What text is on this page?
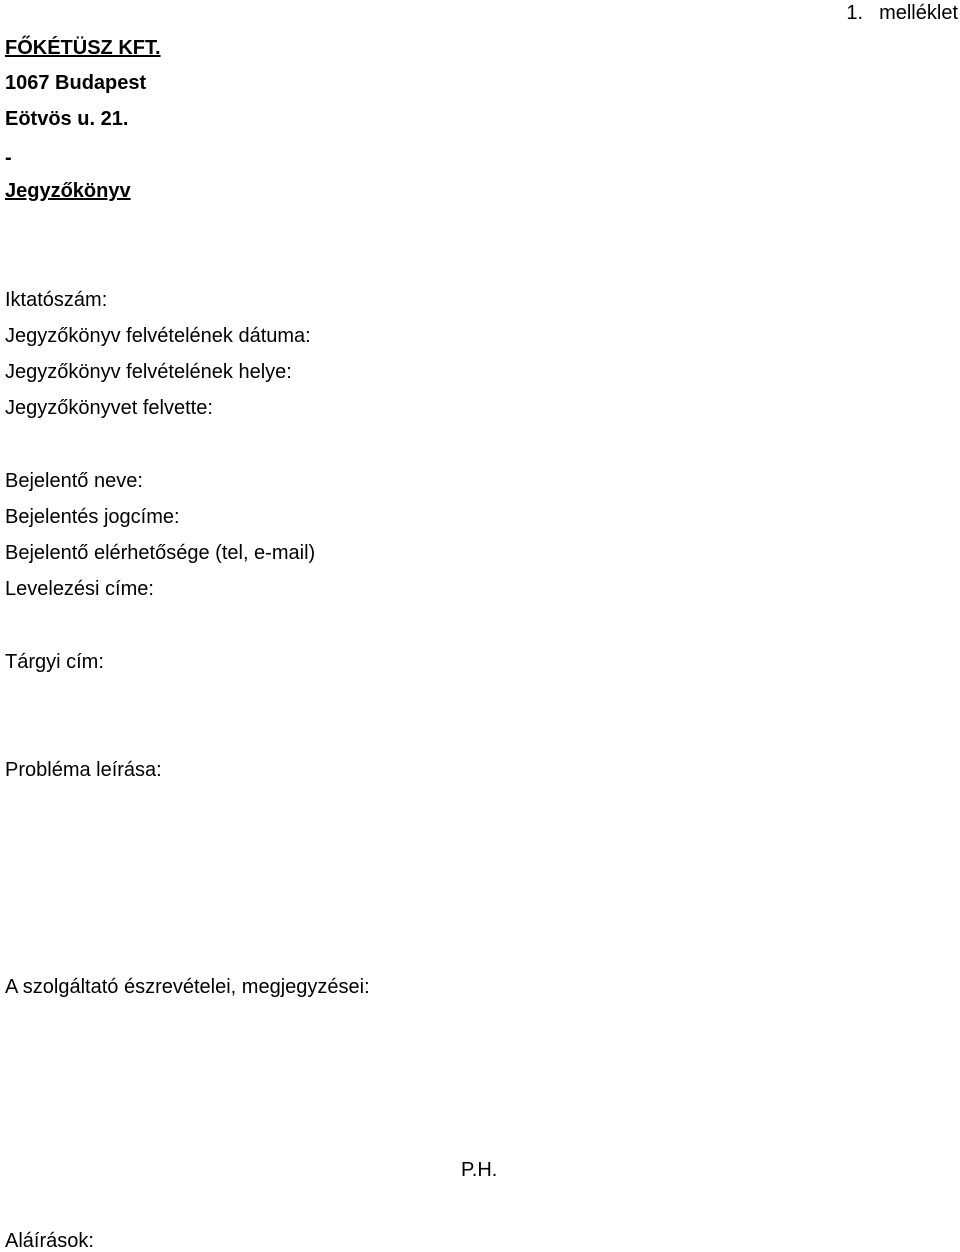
1. melléklet
FŐKÉTÜSZ KFT.
1067 Budapest
Eötvös u. 21.
-
Jegyzőkönyv
Iktatószám:
Jegyzőkönyv felvételének dátuma:
Jegyzőkönyv felvételének helye:
Jegyzőkönyvet felvette:
Bejelentő neve:
Bejelentés jogcíme:
Bejelentő elérhetősége (tel, e-mail)
Levelezési címe:
Tárgyi cím:
Probléma leírása:
A szolgáltató észrevételei, megjegyzései:
P.H.
Aláírások:
